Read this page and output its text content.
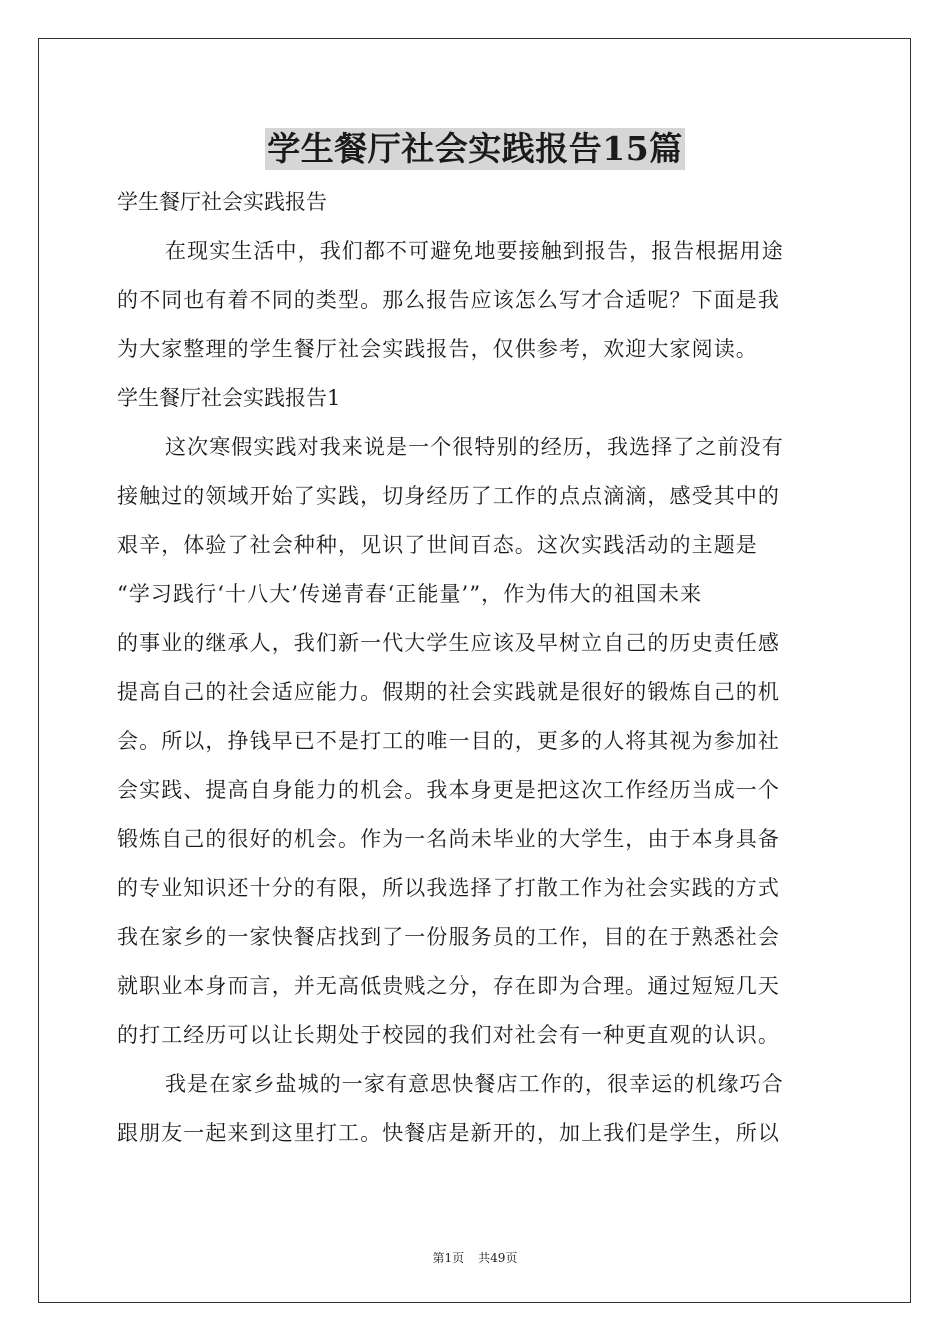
学生餐厅社会实践报告15篇
学生餐厅社会实践报告
在现实生活中，我们都不可避免地要接触到报告，报告根据用途
的不同也有着不同的类型。那么报告应该怎么写才合适呢？下面是我
为大家整理的学生餐厅社会实践报告，仅供参考，欢迎大家阅读。
学生餐厅社会实践报告1
这次寒假实践对我来说是一个很特别的经历，我选择了之前没有
接触过的领域开始了实践，切身经历了工作的点点滴滴，感受其中的
艰辛，体验了社会种种，见识了世间百态。这次实践活动的主题是
“学习践行‘十八大’传递青春‘正能量’”，作为伟大的祖国未来
的事业的继承人，我们新一代大学生应该及早树立自己的历史责任感
提高自己的社会适应能力。假期的社会实践就是很好的锻炼自己的机
会。所以，挣钱早已不是打工的唯一目的，更多的人将其视为参加社
会实践、提高自身能力的机会。我本身更是把这次工作经历当成一个
锻炼自己的很好的机会。作为一名尚未毕业的大学生，由于本身具备
的专业知识还十分的有限，所以我选择了打散工作为社会实践的方式
我在家乡的一家快餐店找到了一份服务员的工作，目的在于熟悉社会
就职业本身而言，并无高低贵贱之分，存在即为合理。通过短短几天
的打工经历可以让长期处于校园的我们对社会有一种更直观的认识。
我是在家乡盐城的一家有意思快餐店工作的，很幸运的机缘巧合
跟朋友一起来到这里打工。快餐店是新开的，加上我们是学生，所以
第1页 共49页
